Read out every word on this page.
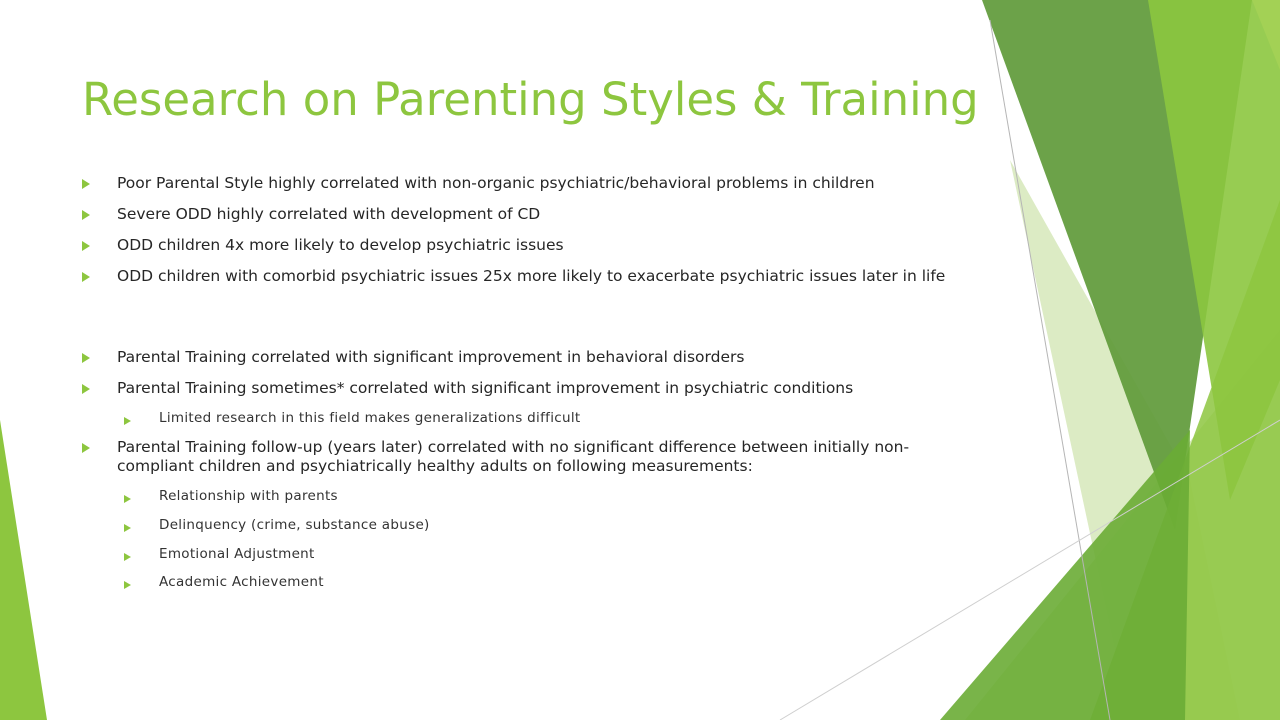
Research on Parenting Styles & Training
Poor Parental Style highly correlated with non-organic psychiatric/behavioral problems in children
Severe ODD highly correlated with development of CD
ODD children 4x more likely to develop psychiatric issues
ODD children with comorbid psychiatric issues 25x more likely to exacerbate psychiatric issues later in life
Parental Training correlated with significant improvement in behavioral disorders
Parental Training sometimes* correlated with significant improvement in psychiatric conditions
Limited research in this field makes generalizations difficult
Parental Training follow-up (years later) correlated with no significant difference between initially non-compliant children and psychiatrically healthy adults on following measurements:
Relationship with parents
Delinquency (crime, substance abuse)
Emotional Adjustment
Academic Achievement
